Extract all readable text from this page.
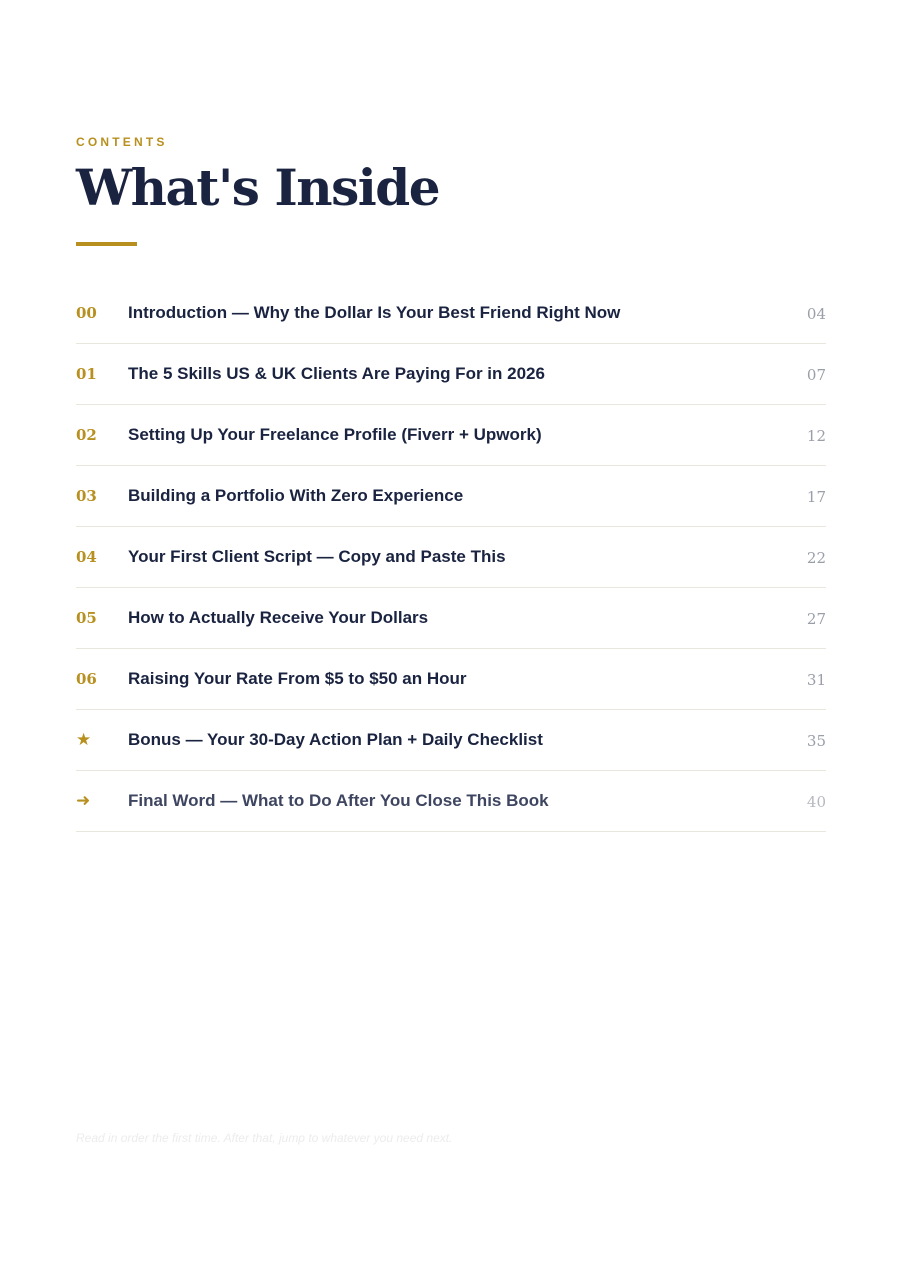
CONTENTS

What's Inside
00 Introduction — Why the Dollar Is Your Best Friend Right Now	04
01 The 5 Skills US & UK Clients Are Paying For in 2026	07
02 Setting Up Your Freelance Profile (Fiverr + Upwork)	12
03 Building a Portfolio With Zero Experience	17
04 Your First Client Script — Copy and Paste This	22
05 How to Actually Receive Your Dollars	27
06 Raising Your Rate From $5 to $50 an Hour	31
★ Bonus — Your 30-Day Action Plan + Daily Checklist	35
➜ Final Word — What to Do After You Close This Book	40

Read in order the first time. After that, jump to whatever you need next.
